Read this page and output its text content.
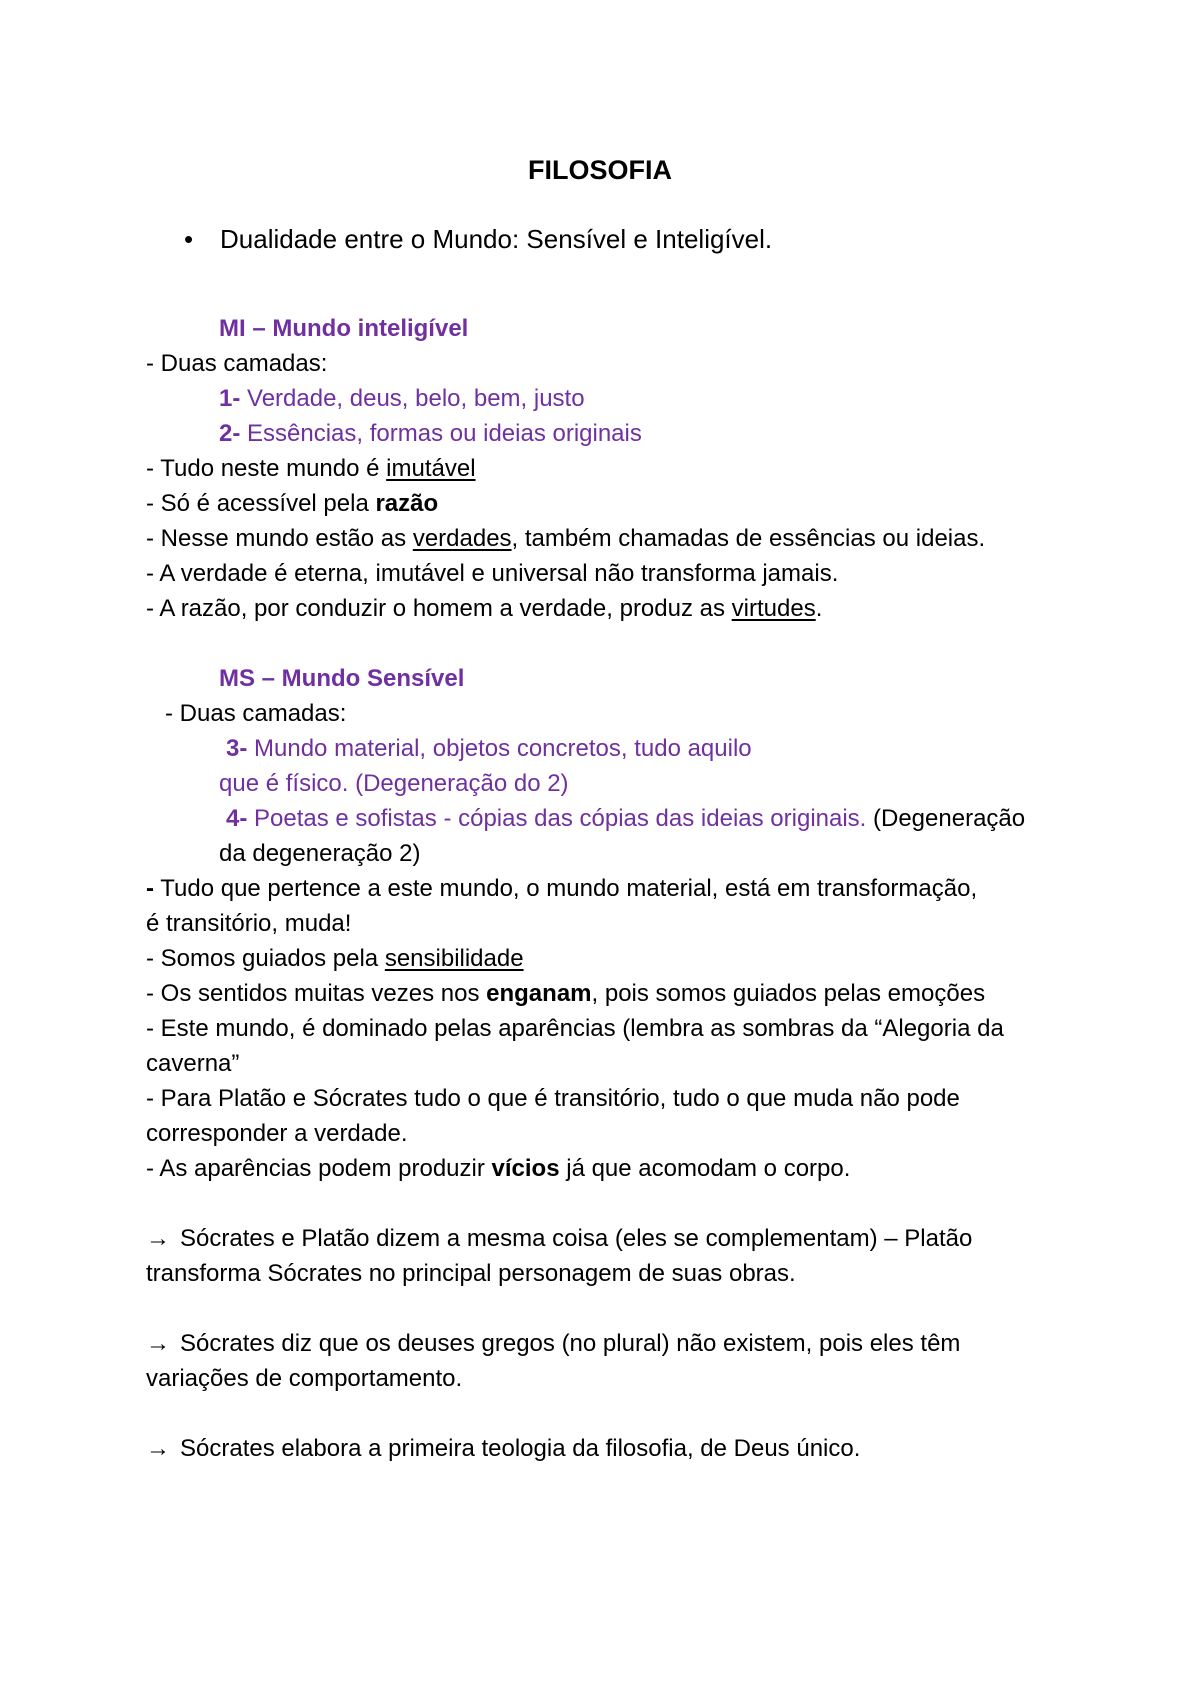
FILOSOFIA
• Dualidade entre o Mundo: Sensível e Inteligível.
MI – Mundo inteligível
- Duas camadas:
1- Verdade, deus, belo, bem, justo
2- Essências, formas ou ideias originais
- Tudo neste mundo é imutável
- Só é acessível pela razão
- Nesse mundo estão as verdades, também chamadas de essências ou ideias.
- A verdade é eterna, imutável e universal não transforma jamais.
- A razão, por conduzir o homem a verdade, produz as virtudes.
MS – Mundo Sensível
- Duas camadas:
3- Mundo material, objetos concretos, tudo aquilo
que é físico. (Degeneração do 2)
4- Poetas e sofistas - cópias das cópias das ideias originais. (Degeneração
da degeneração 2)
- Tudo que pertence a este mundo, o mundo material, está em transformação,
é transitório, muda!
- Somos guiados pela sensibilidade
- Os sentidos muitas vezes nos enganam, pois somos guiados pelas emoções
- Este mundo, é dominado pelas aparências (lembra as sombras da “Alegoria da
caverna”
- Para Platão e Sócrates tudo o que é transitório, tudo o que muda não pode
corresponder a verdade.
- As aparências podem produzir vícios já que acomodam o corpo.
→ Sócrates e Platão dizem a mesma coisa (eles se complementam) – Platão
transforma Sócrates no principal personagem de suas obras.
→ Sócrates diz que os deuses gregos (no plural) não existem, pois eles têm
variações de comportamento.
→ Sócrates elabora a primeira teologia da filosofia, de Deus único.
